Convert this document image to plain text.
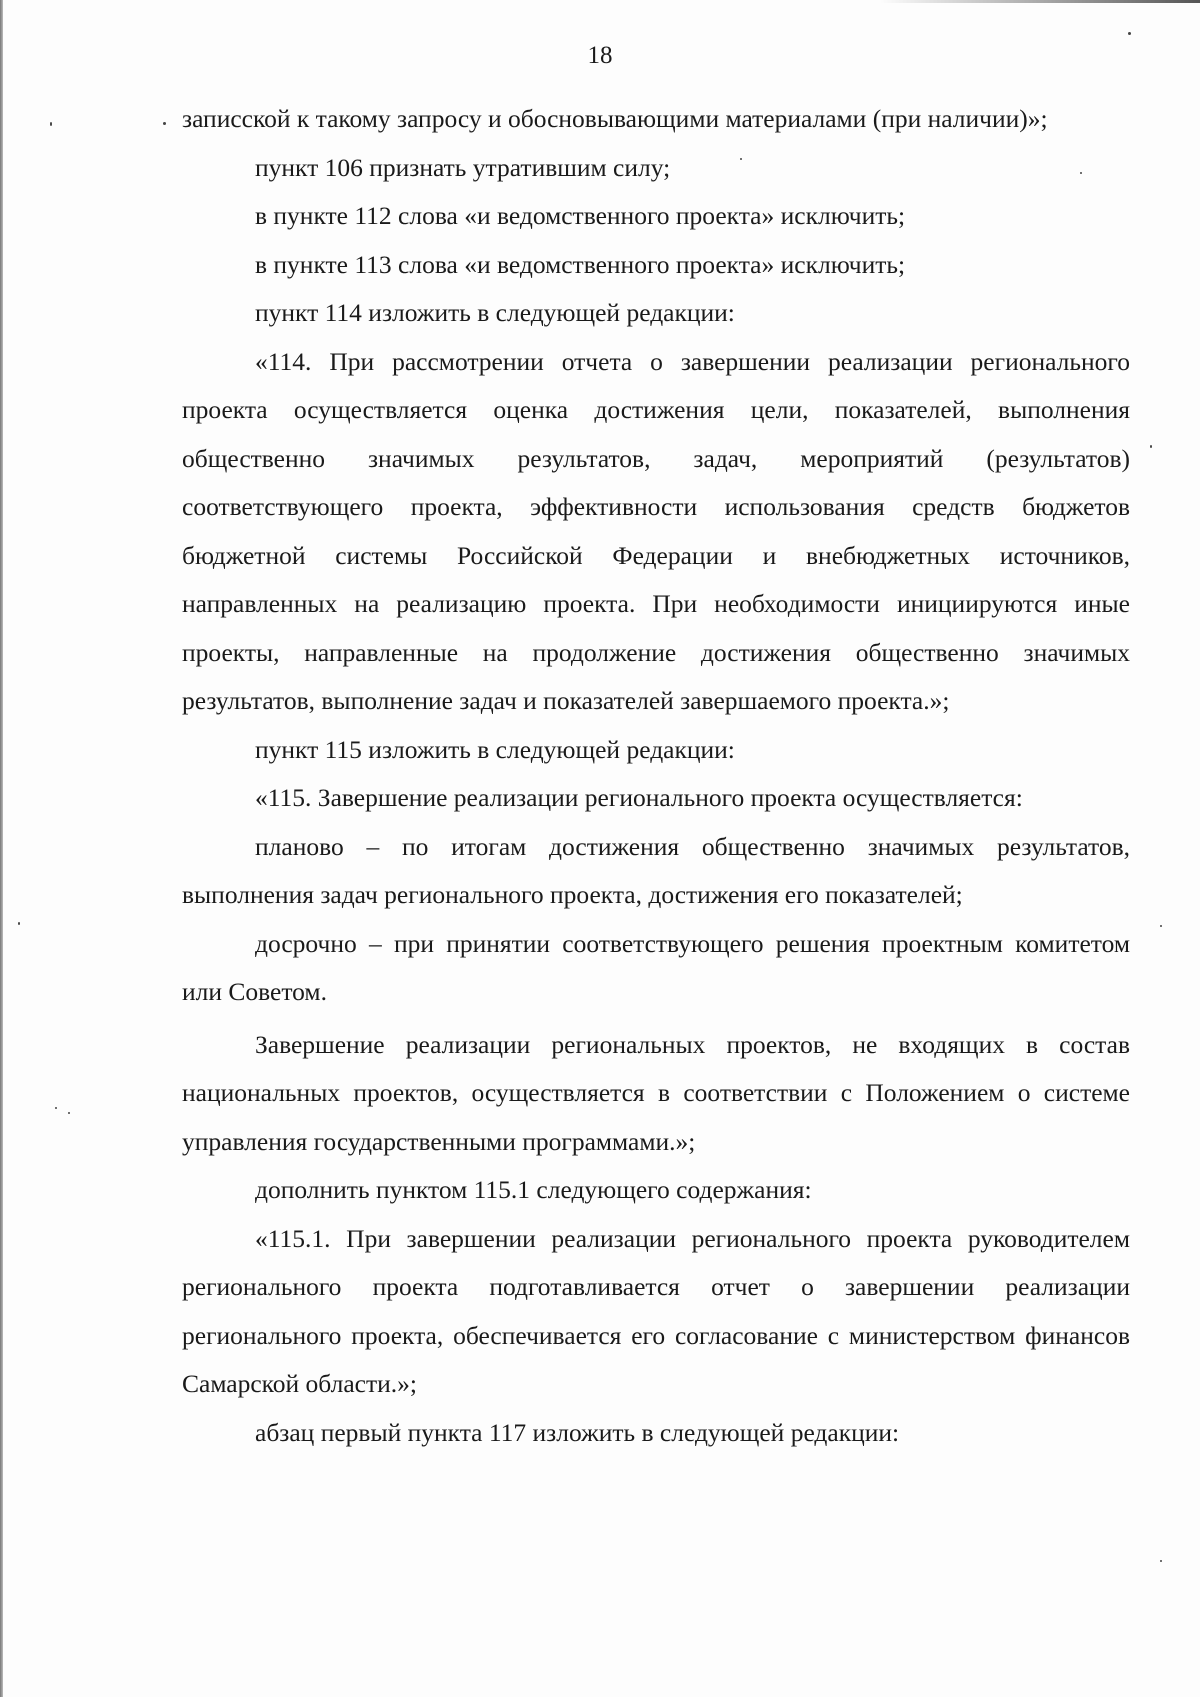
18

записской к такому запросу и обосновывающими материалами (при наличии)»;

пункт 106 признать утратившим силу;

в пункте 112 слова «и ведомственного проекта» исключить;

в пункте 113 слова «и ведомственного проекта» исключить;

пункт 114 изложить в следующей редакции:

«114. При рассмотрении отчета о завершении реализации регионального проекта осуществляется оценка достижения цели, показателей, выполнения общественно значимых результатов, задач, мероприятий (результатов) соответствующего проекта, эффективности использования средств бюджетов бюджетной системы Российской Федерации и внебюджетных источников, направленных на реализацию проекта. При необходимости инициируются иные проекты, направленные на продолжение достижения общественно значимых результатов, выполнение задач и показателей завершаемого проекта.»;

пункт 115 изложить в следующей редакции:

«115. Завершение реализации регионального проекта осуществляется:

планово – по итогам достижения общественно значимых результатов, выполнения задач регионального проекта, достижения его показателей;

досрочно – при принятии соответствующего решения проектным комитетом или Советом.

Завершение реализации региональных проектов, не входящих в состав национальных проектов, осуществляется в соответствии с Положением о системе управления государственными программами.»;

дополнить пунктом 115.1 следующего содержания:

«115.1. При завершении реализации регионального проекта руководителем регионального проекта подготавливается отчет о завершении реализации регионального проекта, обеспечивается его согласование с министерством финансов Самарской области.»;

абзац первый пункта 117 изложить в следующей редакции:
